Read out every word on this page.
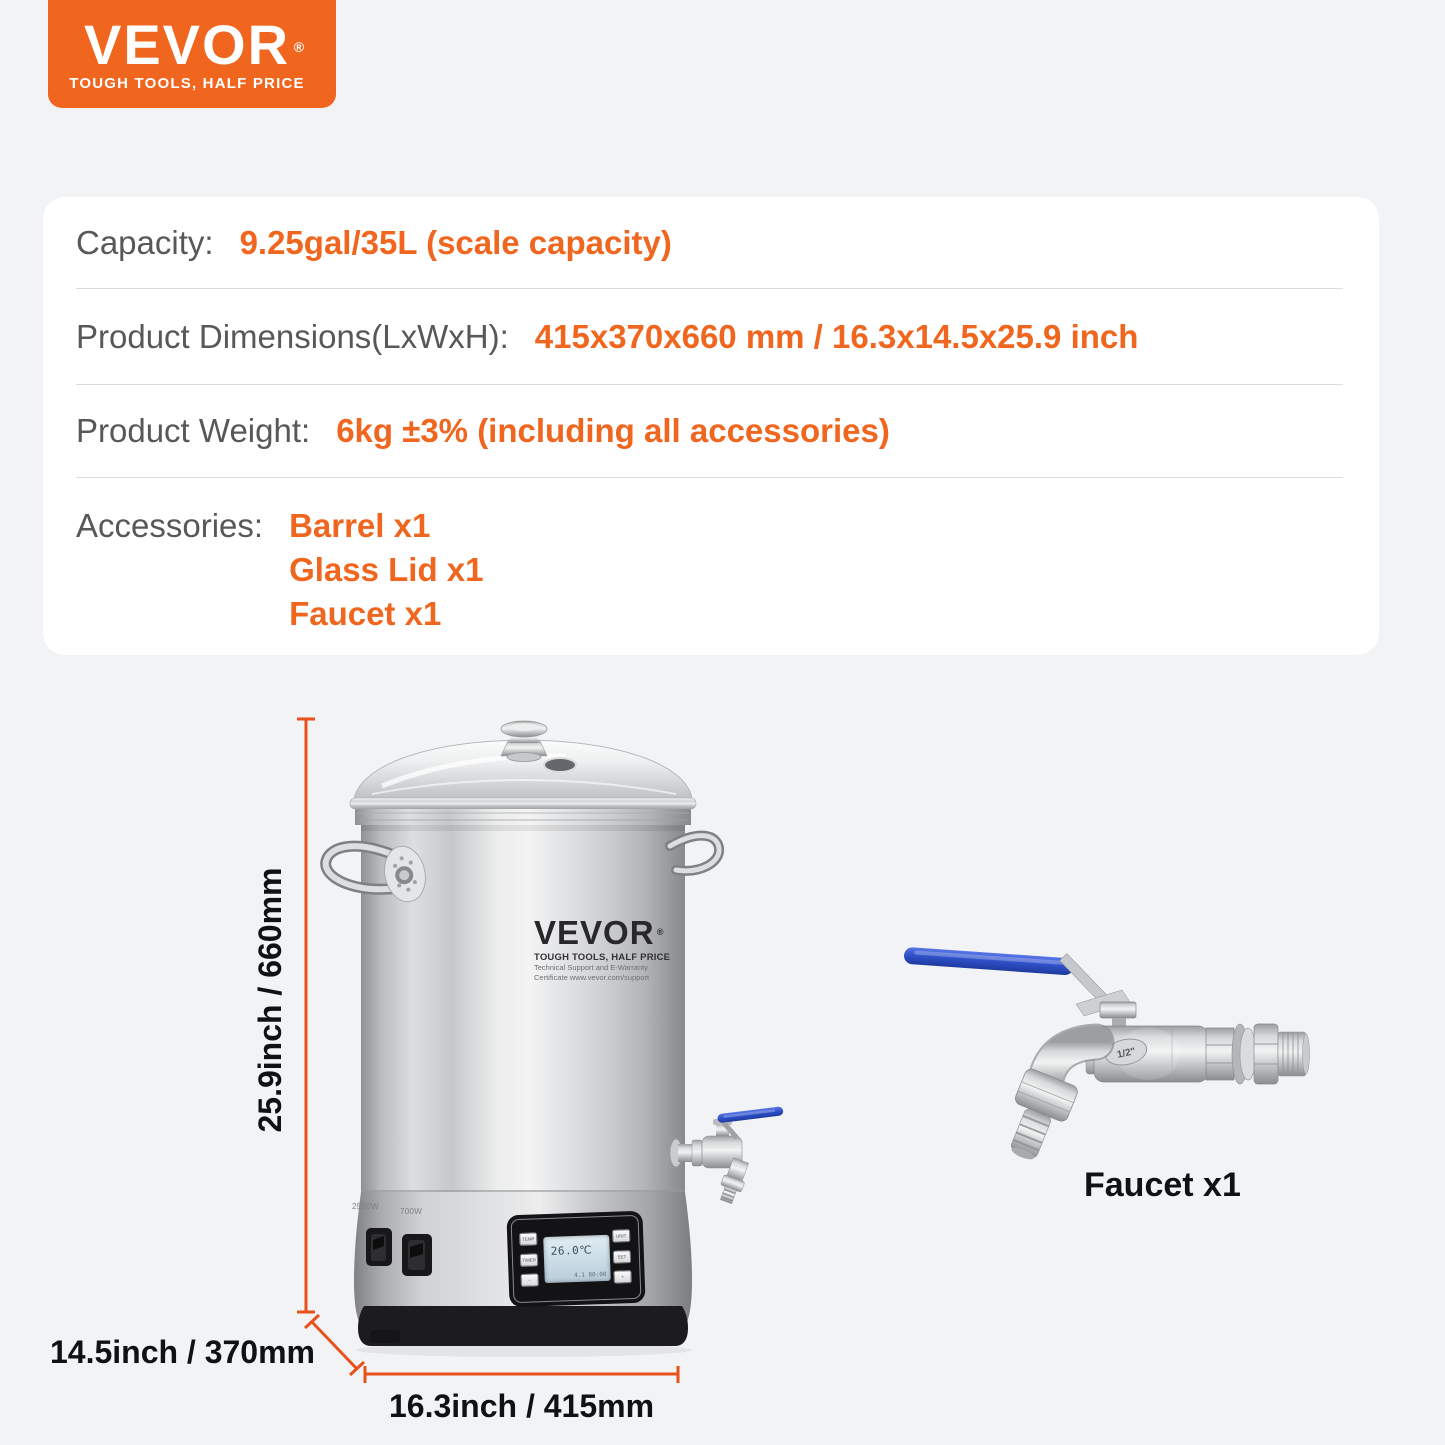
VEVOR ®
TOUGH TOOLS, HALF PRICE
Capacity: 9.25gal/35L (scale capacity)
Product Dimensions(LxWxH): 415x370x660 mm / 16.3x14.5x25.9 inch
Product Weight: 6kg ±3% (including all accessories)
Accessories: Barrel x1
Glass Lid x1
Faucet x1
1/2"
25.9inch / 660mm
14.5inch / 370mm
16.3inch / 415mm
Faucet x1
VEVOR ®
TOUGH TOOLS, HALF PRICE
Technical Support and E-Warranty
Certificate www.vevor.com/support
2500W
700W
26.0℃
4.1 80:00
TEMP
TIMER
−
UNIT
SET
+
